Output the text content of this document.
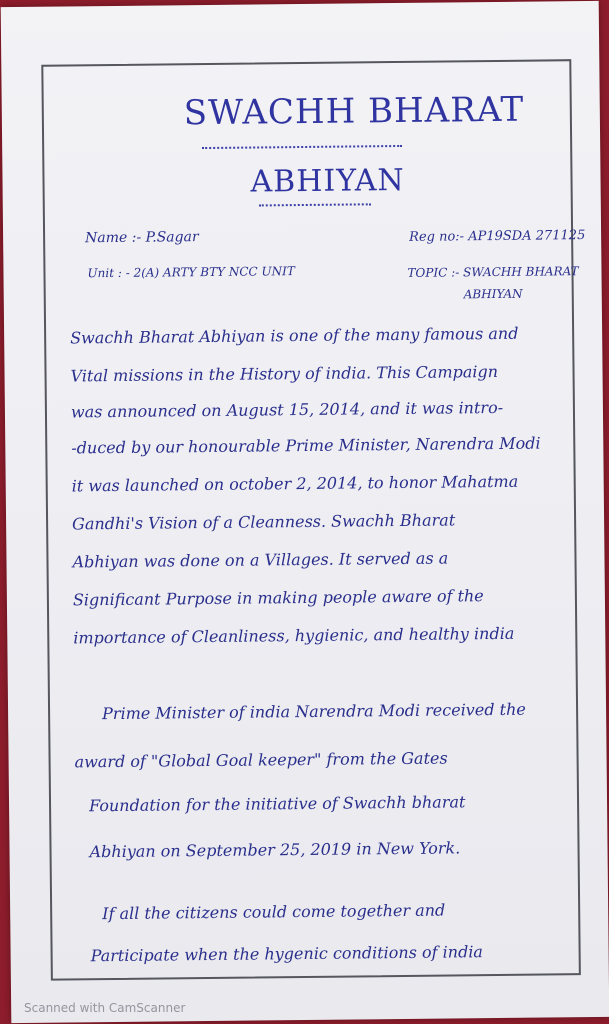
SWACHH BHARAT
ABHIYAN
Name :- P.Sagar	Reg no:- AP19SDA 271125
Unit : - 2(A) ARTY BTY NCC UNIT	TOPIC :- SWACHH BHARAT
ABHIYAN
Swachh Bharat Abhiyan is one of the many famous and
Vital missions in the History of india. This Campaign
was announced on August 15, 2014, and it was intro-
-duced by our honourable Prime Minister, Narendra Modi
it was launched on october 2, 2014, to honor Mahatma
Gandhi's Vision of a Cleanness. Swachh Bharat
Abhiyan was done on a Villages. It served as a
Significant Purpose in making people aware of the
importance of Cleanliness, hygienic, and healthy india
Prime Minister of india Narendra Modi received the
award of "Global Goal keeper" from the Gates
Foundation for the initiative of Swachh bharat
Abhiyan on September 25, 2019 in New York.
If all the citizens could come together and
Participate when the hygenic conditions of india
Scanned with CamScanner
